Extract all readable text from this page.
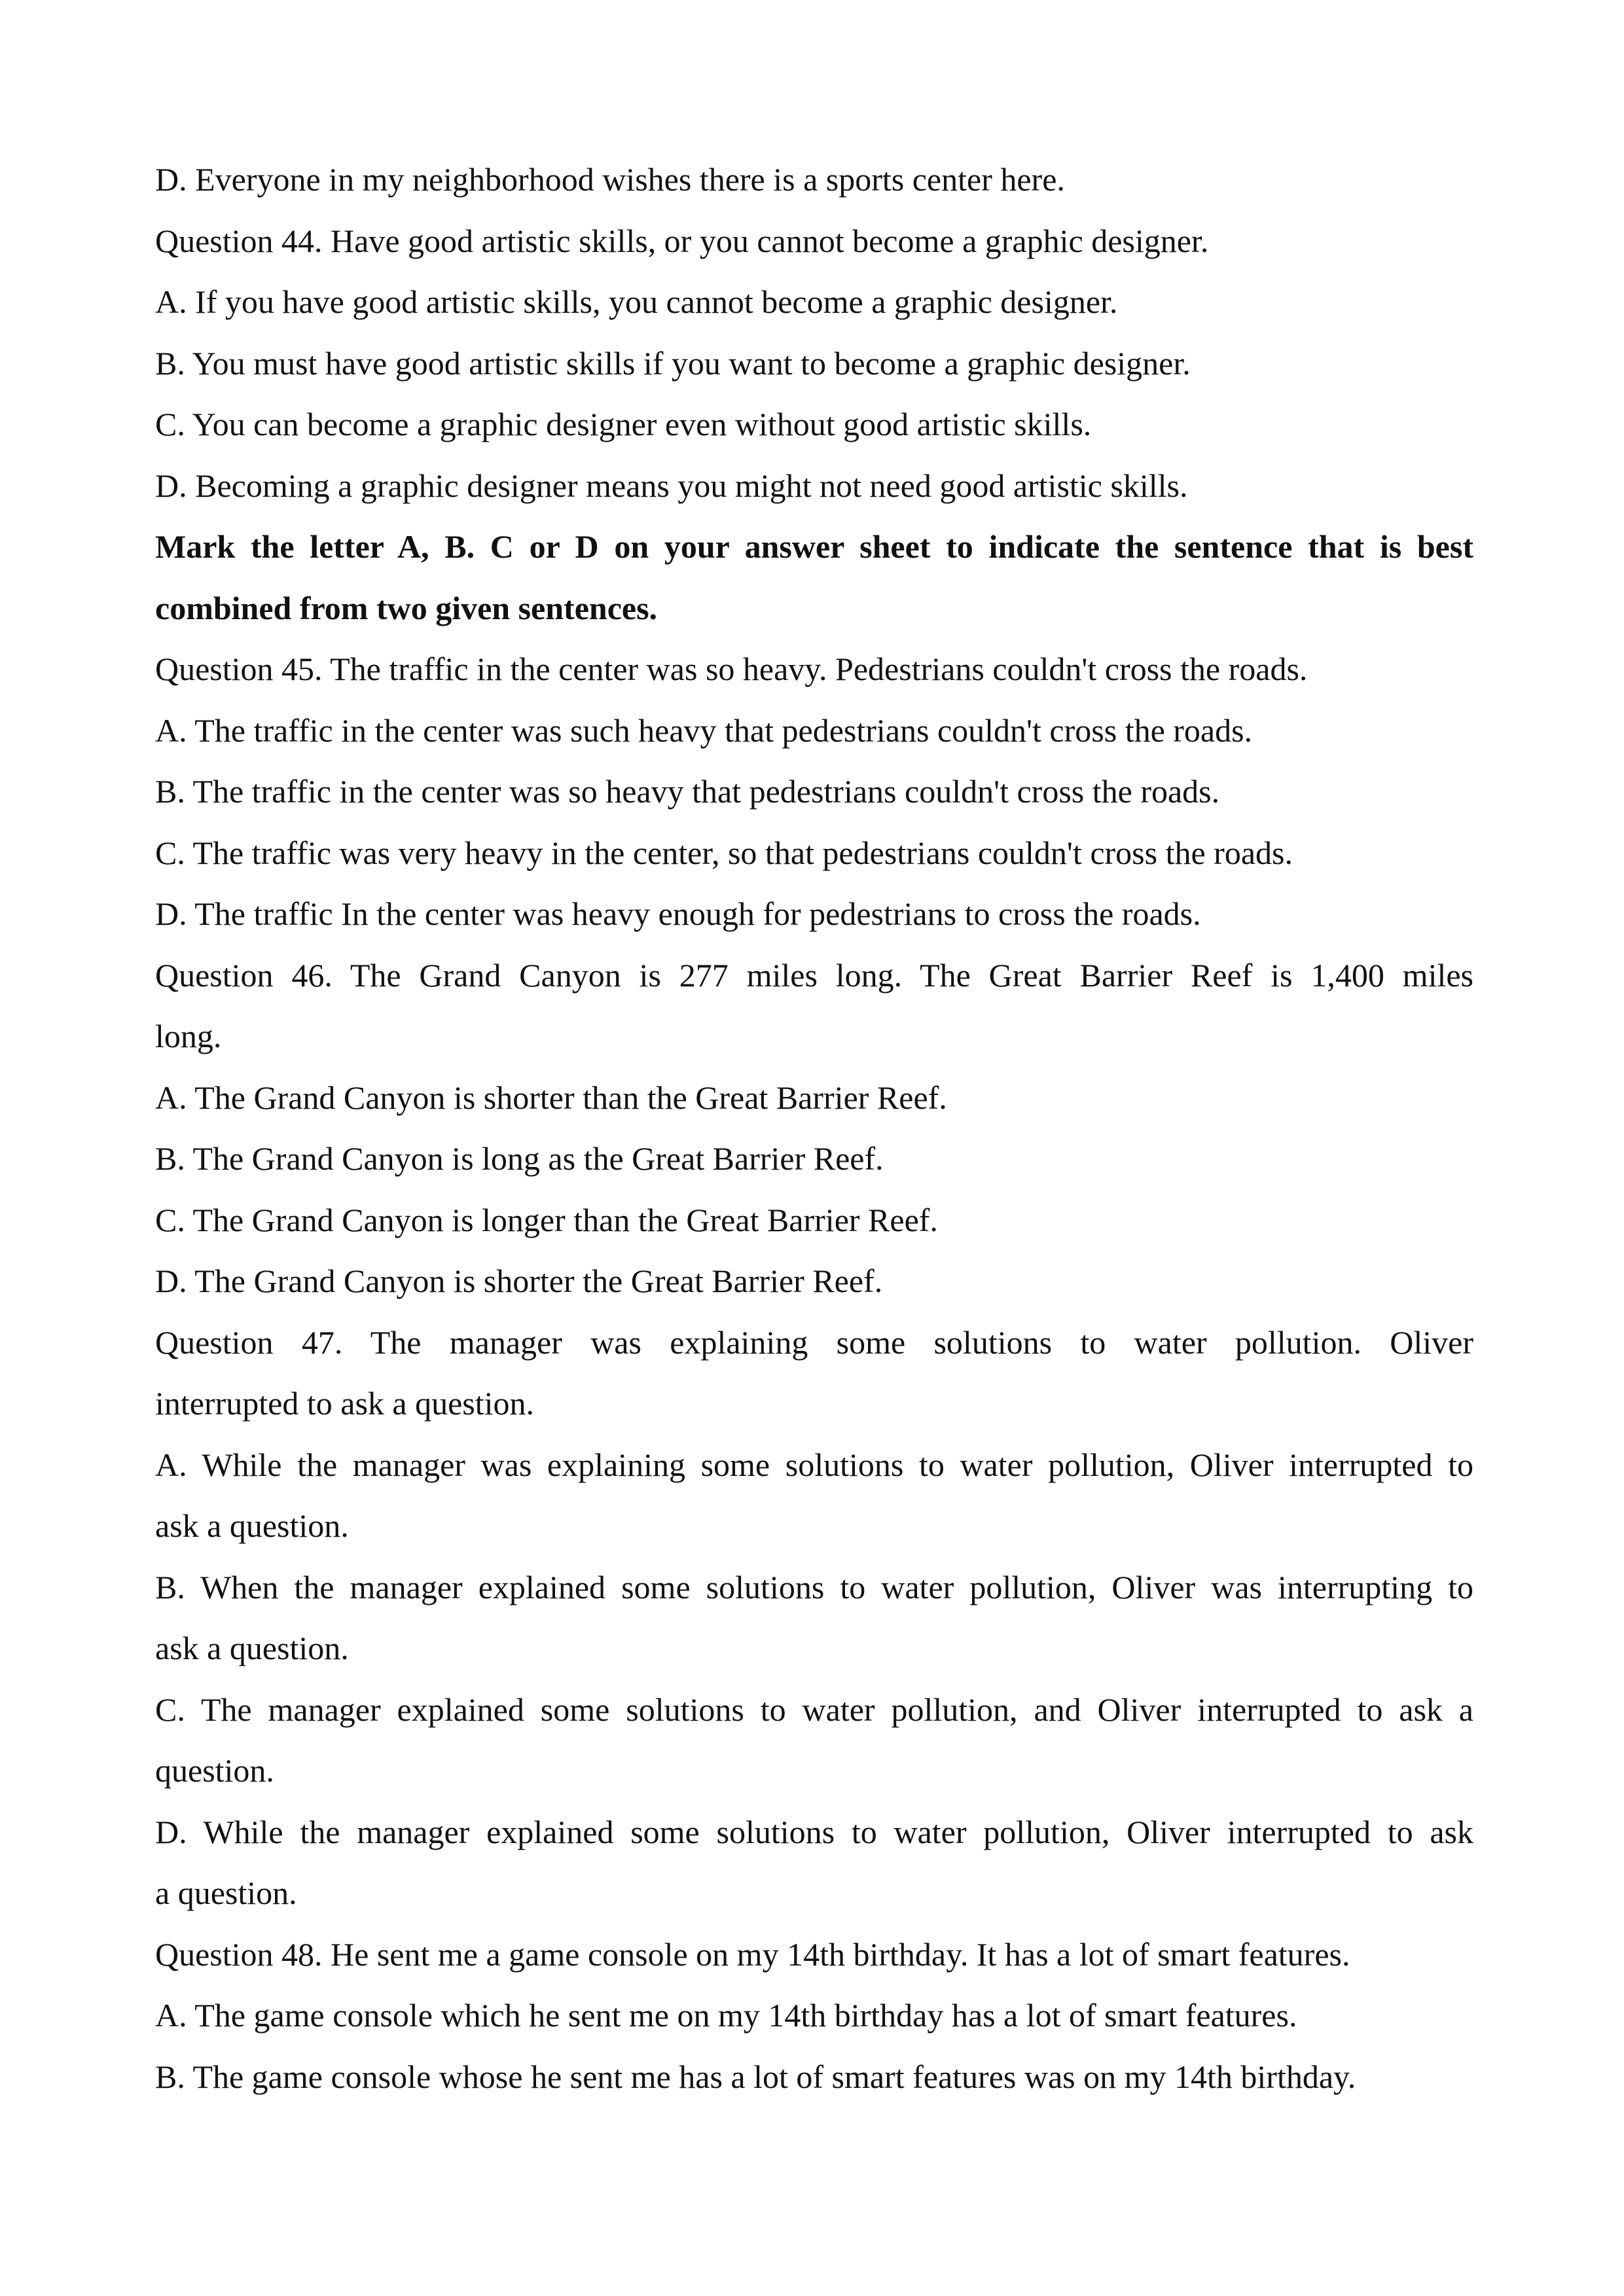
D. Everyone in my neighborhood wishes there is a sports center here.
Question 44. Have good artistic skills, or you cannot become a graphic designer.
A. If you have good artistic skills, you cannot become a graphic designer.
B. You must have good artistic skills if you want to become a graphic designer.
C. You can become a graphic designer even without good artistic skills.
D. Becoming a graphic designer means you might not need good artistic skills.
Mark the letter A, B. C or D on your answer sheet to indicate the sentence that is best
combined from two given sentences.
Question 45. The traffic in the center was so heavy. Pedestrians couldn't cross the roads.
A. The traffic in the center was such heavy that pedestrians couldn't cross the roads.
B. The traffic in the center was so heavy that pedestrians couldn't cross the roads.
C. The traffic was very heavy in the center, so that pedestrians couldn't cross the roads.
D. The traffic In the center was heavy enough for pedestrians to cross the roads.
Question 46. The Grand Canyon is 277 miles long. The Great Barrier Reef is 1,400 miles
long.
A. The Grand Canyon is shorter than the Great Barrier Reef.
B. The Grand Canyon is long as the Great Barrier Reef.
C. The Grand Canyon is longer than the Great Barrier Reef.
D. The Grand Canyon is shorter the Great Barrier Reef.
Question 47. The manager was explaining some solutions to water pollution. Oliver
interrupted to ask a question.
A. While the manager was explaining some solutions to water pollution, Oliver interrupted to
ask a question.
B. When the manager explained some solutions to water pollution, Oliver was interrupting to
ask a question.
C. The manager explained some solutions to water pollution, and Oliver interrupted to ask a
question.
D. While the manager explained some solutions to water pollution, Oliver interrupted to ask
a question.
Question 48. He sent me a game console on my 14th birthday. It has a lot of smart features.
A. The game console which he sent me on my 14th birthday has a lot of smart features.
B. The game console whose he sent me has a lot of smart features was on my 14th birthday.
